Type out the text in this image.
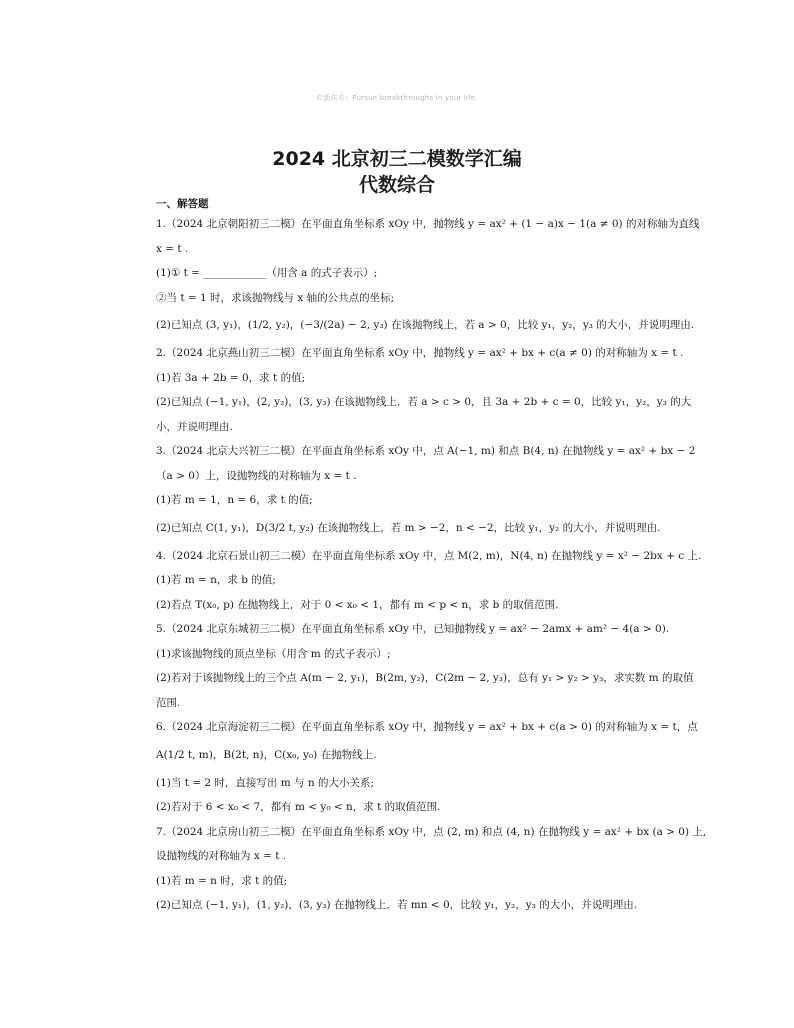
©新东方：Pursue breakthroughs in your life.
2024 北京初三二模数学汇编
代数综合
一、解答题
1.（2024 北京朝阳初三二模）在平面直角坐标系 xOy 中，抛物线 y = ax² + (1 − a)x − 1(a ≠ 0) 的对称轴为直线
x = t .
(1)① t = ____________（用含 a 的式子表示）;
②当 t = 1 时，求该抛物线与 x 轴的公共点的坐标;
(2)已知点 (3, y₁)，(1/2, y₂)，(−3/(2a) − 2, y₃) 在该抛物线上，若 a > 0，比较 y₁，y₂，y₃ 的大小，并说明理由.
2.（2024 北京燕山初三二模）在平面直角坐标系 xOy 中，抛物线 y = ax² + bx + c(a ≠ 0) 的对称轴为 x = t .
(1)若 3a + 2b = 0，求 t 的值;
(2)已知点 (−1, y₁)，(2, y₂)，(3, y₃) 在该抛物线上．若 a > c > 0，且 3a + 2b + c = 0，比较 y₁，y₂，y₃ 的大
小，并说明理由.
3.（2024 北京大兴初三二模）在平面直角坐标系 xOy 中，点 A(−1, m) 和点 B(4, n) 在抛物线 y = ax² + bx − 2
（a > 0）上，设抛物线的对称轴为 x = t .
(1)若 m = 1，n = 6，求 t 的值;
(2)已知点 C(1, y₁)，D(3/2 t, y₂) 在该抛物线上，若 m > −2，n < −2，比较 y₁，y₂ 的大小，并说明理由.
4.（2024 北京石景山初三二模）在平面直角坐标系 xOy 中，点 M(2, m)，N(4, n) 在抛物线 y = x² − 2bx + c 上.
(1)若 m = n，求 b 的值;
(2)若点 T(x₀, p) 在抛物线上，对于 0 < x₀ < 1，都有 m < p < n，求 b 的取值范围.
5.（2024 北京东城初三二模）在平面直角坐标系 xOy 中，已知抛物线 y = ax² − 2amx + am² − 4(a > 0).
(1)求该抛物线的顶点坐标（用含 m 的式子表示）;
(2)若对于该抛物线上的三个点 A(m − 2, y₁)，B(2m, y₂)，C(2m − 2, y₃)，总有 y₁ > y₂ > y₃，求实数 m 的取值
范围.
6.（2024 北京海淀初三二模）在平面直角坐标系 xOy 中，抛物线 y = ax² + bx + c(a > 0) 的对称轴为 x = t，点
A(1/2 t, m)，B(2t, n)，C(x₀, y₀) 在抛物线上.
(1)当 t = 2 时，直接写出 m 与 n 的大小关系;
(2)若对于 6 < x₀ < 7，都有 m < y₀ < n，求 t 的取值范围.
7.（2024 北京房山初三二模）在平面直角坐标系 xOy 中，点 (2, m) 和点 (4, n) 在抛物线 y = ax² + bx (a > 0) 上,
设抛物线的对称轴为 x = t .
(1)若 m = n 时，求 t 的值;
(2)已知点 (−1, y₁)，(1, y₂)，(3, y₃) 在抛物线上．若 mn < 0，比较 y₁，y₂，y₃ 的大小，并说明理由.
